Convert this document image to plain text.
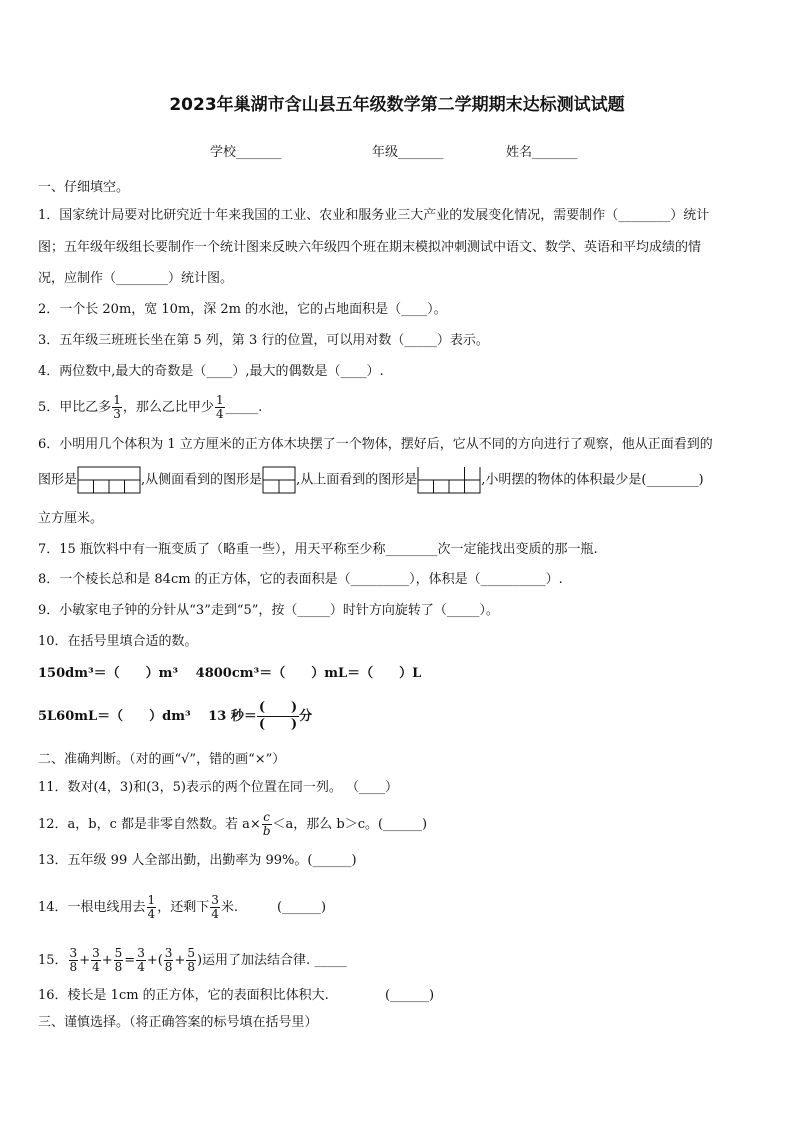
2023年巢湖市含山县五年级数学第二学期期末达标测试试题
学校_______	年级_______	姓名_______
一、仔细填空。
1．国家统计局要对比研究近十年来我国的工业、农业和服务业三大产业的发展变化情况，需要制作（________）统计
图；五年级年级组长要制作一个统计图来反映六年级四个班在期末模拟冲刺测试中语文、数学、英语和平均成绩的情
况，应制作（________）统计图。
2．一个长 20m，宽 10m，深 2m 的水池，它的占地面积是（____）。
3．五年级三班班长坐在第 5 列，第 3 行的位置，可以用对数（_____）表示。
4．两位数中,最大的奇数是（____）,最大的偶数是（____）.
5．甲比乙多 $\frac{1}{3}$ ，那么乙比甲少 $\frac{1}{4}$ _____.
6．小明用几个体积为 1 立方厘米的正方体木块摆了一个物体，摆好后，它从不同的方向进行了观察，他从正面看到的
图形是	,从侧面看到的图形是	,从上面看到的图形是	,小明摆的物体的体积最少是(________)
立方厘米。
7．15 瓶饮料中有一瓶变质了（略重一些），用天平称至少称________次一定能找出变质的那一瓶.
8．一个棱长总和是 84cm 的正方体，它的表面积是（_________），体积是（__________）.
9．小敏家电子钟的分针从“3”走到“5”，按（_____）时针方向旋转了（_____）。
10．在括号里填合适的数。
150dm³＝（　　）m³　 4800cm³＝（　　）mL＝（　　）L
5L60mL＝（　　）dm³　 13 秒＝
(　　)
(　　)
分
二、准确判断。（对的画“√”，错的画“×”）
11．数对(4，3)和(3，5)表示的两个位置在同一列。 （____）
12．a，b，c 都是非零自然数。若 $a\times \frac{c}{b} <a$，那么 b＞c。(______)
13．五年级 99 人全部出勤，出勤率为 99%。(______)
14．一根电线用去 $\frac{1}{4}$ ，还剩下 $\frac{3}{4}$ 米.　　　(______)
15． $\frac{3}{8} + \frac{3}{4} + \frac{5}{8} = \frac{3}{4}$ +( $\frac{3}{8} + \frac{5}{8}$ )运用了加法结合律. _____
16．棱长是 1cm 的正方体，它的表面积比体积大. 　　　　(______)
三、谨慎选择。（将正确答案的标号填在括号里）
